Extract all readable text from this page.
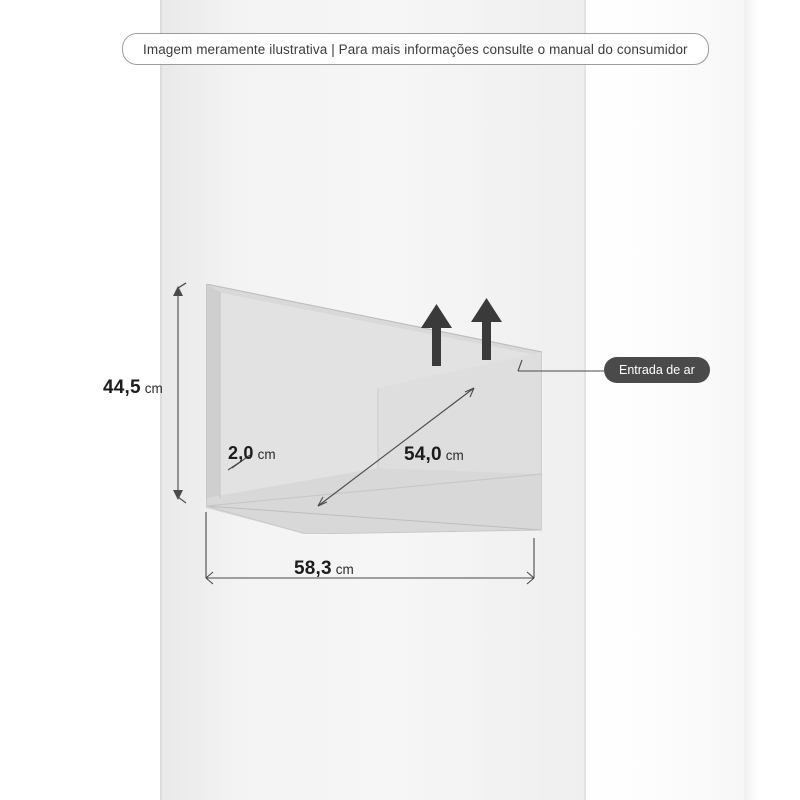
Imagem meramente ilustrativa | Para mais informações consulte o manual do consumidor
Entrada de ar
44,5 cm
58,3 cm
54,0 cm
2,0 cm
